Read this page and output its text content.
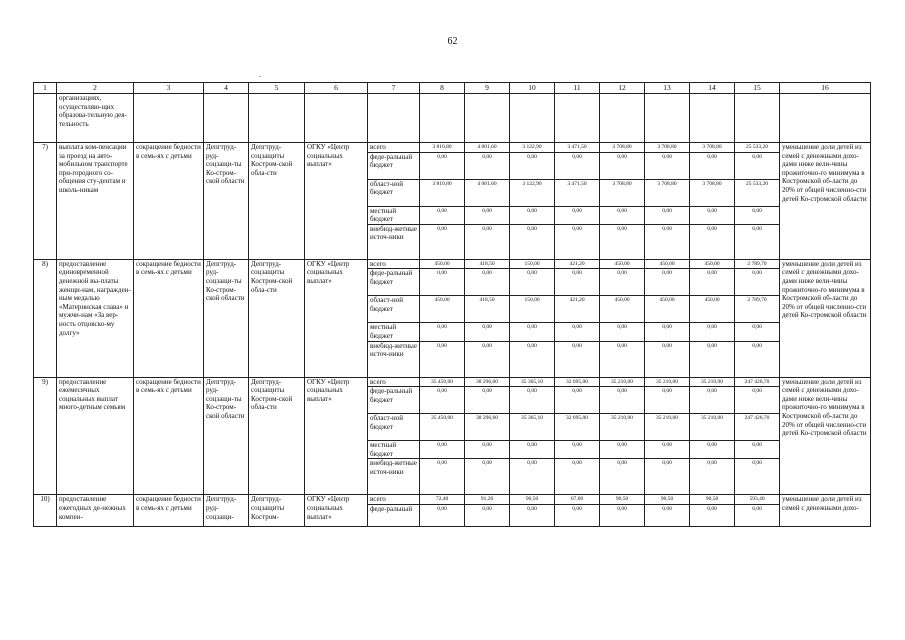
62
.
1	2	3	4	5	6	7	8	9	10	11	12	13	14	15	16
	организациях, осуществляю-щих образова-тельную дея-тельность														
7)	выплата ком-пенсации за проезд на авто-мобильном транспорте при-городного со-общения сту-дентам и школь-никам	сокращение бедности в семь-ях с детьми	Депгтруд-руд-соцзащи-ты Ко-стром-ской области	Депгтруд-соцзащиты Костром-ской обла-сти	ОГКУ «Центр социальных выплат»	всего	3 810,80	4 001,60	3 122,90	3 471,50	3 708,80	3 708,80	3 708,80	25 533,20	уменьшение доли детей из семей с денежными дохо-дами ниже вели-чины прожиточно-го минимума в Костромской об-ласти до 20% от общей численно-сти детей Ко-стромской области
						феде-ральный бюджет	0,00	0,00	0,00	0,00	0,00	0,00	0,00	0,00	
						област-ной бюджет	3 810,80	4 001,60	3 122,90	3 471,50	3 708,80	3 708,80	3 708,80	25 533,20	
						местный бюджет	0,00	0,00	0,00	0,00	0,00	0,00	0,00	0,00	
						внебюд-жетные источ-ники	0,00	0,00	0,00	0,00	0,00	0,00	0,00	0,00	
8)	предоставление единовременной денежной вы-платы женщи-нам, награжден-ным медалью «Материнская слава» и мужчи-нам «За вер-ность отцовско-му долгу»	сокращение бедности в семь-ях с детьми	Депгтруд-руд-соцзащи-ты Ко-стром-ской области	Депгтруд-соцзащиты Костром-ской обла-сти	ОГКУ «Центр социальных выплат»	всего	450,00	418,50	150,00	421,20	450,00	450,00	450,00	2 789,70	уменьшение доли детей из семей с денежными дохо-дами ниже вели-чины прожиточно-го минимума в Костромской об-ласти до 20% от общей численно-сти детей Ко-стромской области
						феде-ральный бюджет	0,00	0,00	0,00	0,00	0,00	0,00	0,00	0,00	
						област-ной бюджет	450,00	418,50	150,00	421,20	450,00	450,00	450,00	2 789,70	
						местный бюджет	0,00	0,00	0,00	0,00	0,00	0,00	0,00	0,00	
						внебюд-жетные источ-ники	0,00	0,00	0,00	0,00	0,00	0,00	0,00	0,00	
9)	предоставление ежемесячных социальных выплат много-детным семьям	сокращение бедности в семь-ях с детьми	Депгтруд-руд-соцзащи-ты Ко-стром-ской области	Депгтруд-соцзащиты Костром-ской обла-сти	ОГКУ «Центр социальных выплат»	всего	35 450,00	38 296,60	35 365,10	32 695,00	35 210,00	35 210,00	35 210,00	247 426,70	уменьшение доли детей из семей с денежными дохо-дами ниже вели-чины прожиточно-го минимума в Костромской об-ласти до 20% от общей численно-сти детей Ко-стромской области
						феде-ральный бюджет	0,00	0,00	0,00	0,00	0,00	0,00	0,00	0,00	
						област-ной бюджет	35 450,00	38 296,60	35 365,10	32 695,00	35 210,00	35 210,00	35 210,00	247 426,70	
						местный бюджет	0,00	0,00	0,00	0,00	0,00	0,00	0,00	0,00	
						внебюд-жетные источ-ники	0,00	0,00	0,00	0,00	0,00	0,00	0,00	0,00	
10)	предоставление ежегодных де-нежных компен-	сокращение бедности в семь-ях с детьми	Депгтруд-руд-соцзащи-	Депгтруд-соцзащиты Костром-	ОГКУ «Центр социальных выплат»	всего	72,40	91,20	90,50	67,80	90,50	90,50	90,50	593,40	уменьшение доли детей из семей с денежными дохо-
						феде-ральный	0,00	0,00	0,00	0,00	0,00	0,00	0,00	0,00	
